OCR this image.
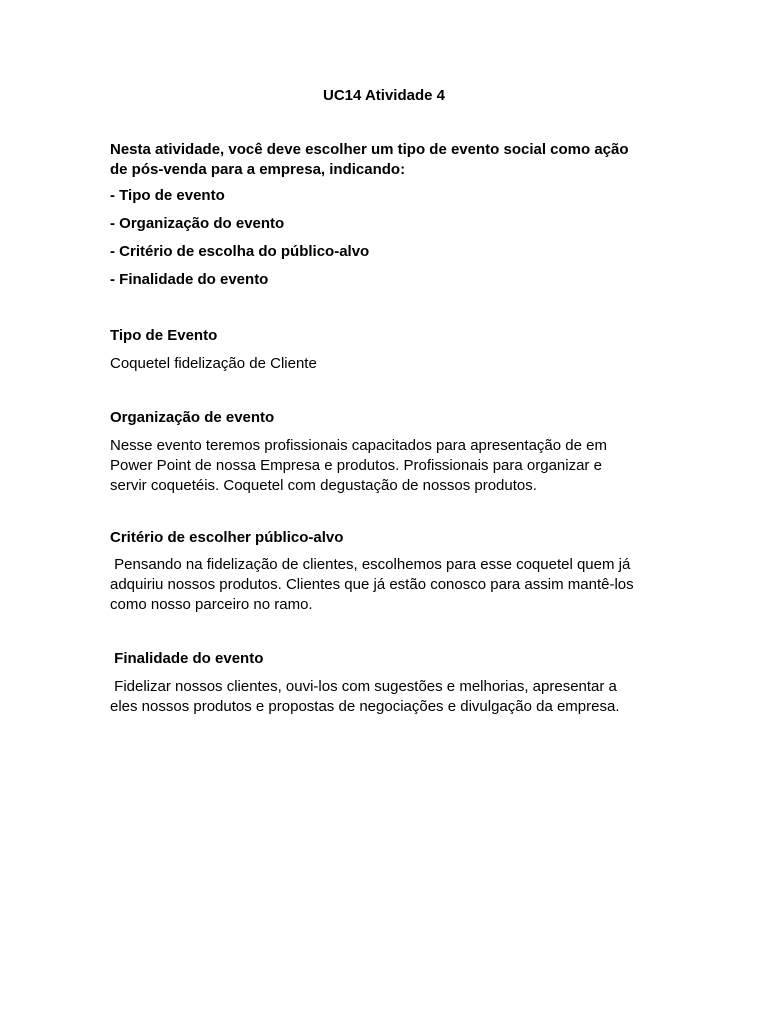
UC14 Atividade 4
Nesta atividade, você deve escolher um tipo de evento social como ação
de pós-venda para a empresa, indicando:
- Tipo de evento
- Organização do evento
- Critério de escolha do público-alvo
- Finalidade do evento
Tipo de Evento
Coquetel fidelização de Cliente
Organização de evento
Nesse evento teremos profissionais capacitados para apresentação de em
Power Point de nossa Empresa e produtos. Profissionais para organizar e
servir coquetéis. Coquetel com degustação de nossos produtos.
Critério de escolher público-alvo
Pensando na fidelização de clientes, escolhemos para esse coquetel quem já
adquiriu nossos produtos. Clientes que já estão conosco para assim mantê-los
como nosso parceiro no ramo.
Finalidade do evento
Fidelizar nossos clientes, ouvi-los com sugestões e melhorias, apresentar a
eles nossos produtos e propostas de negociações e divulgação da empresa.
